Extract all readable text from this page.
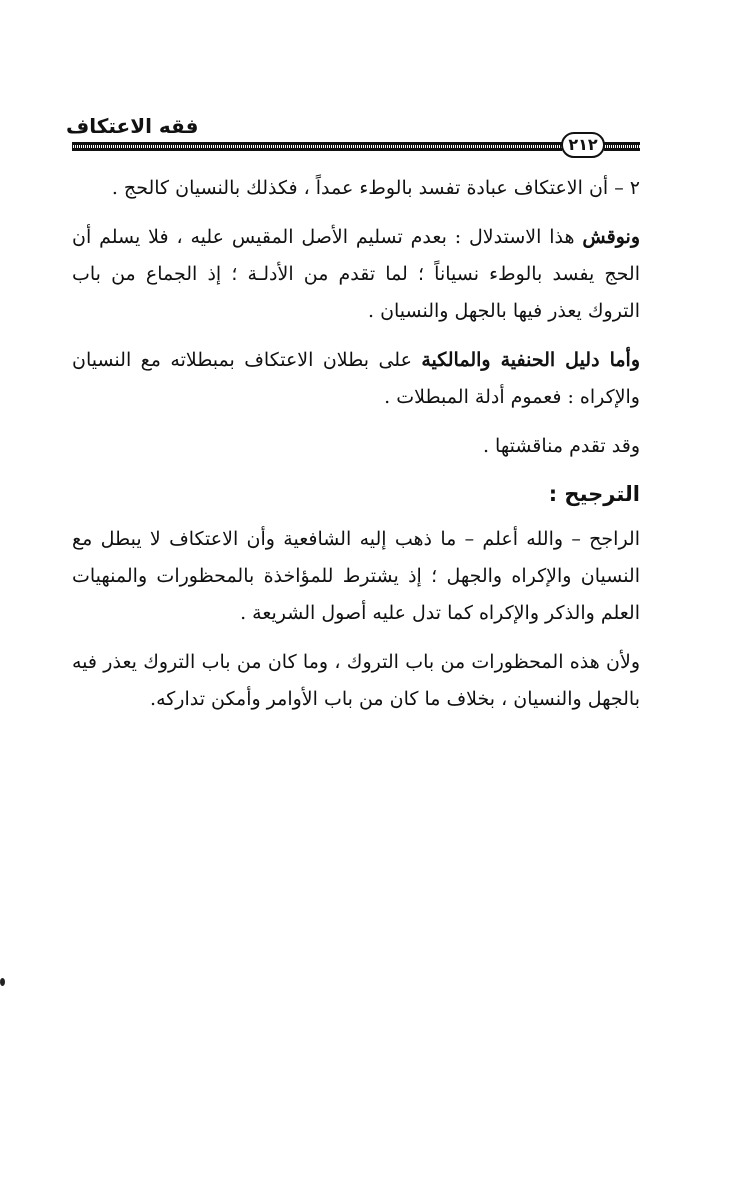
فقه الاعتكاف
٢١٢

٢ – أن الاعتكاف عبادة تفسد بالوطء عمداً ، فكذلك بالنسيان كالحج .

ونوقش هذا الاستدلال : بعدم تسليم الأصل المقيس عليه ، فلا يسلم أن الحج يفسد بالوطء نسياناً ؛ لما تقدم من الأدلـة ؛ إذ الجماع من باب التروك يعذر فيها بالجهل والنسيان .

وأما دليل الحنفية والمالكية على بطلان الاعتكاف بمبطلاته مع النسيان والإكراه : فعموم أدلة المبطلات .

وقد تقدم مناقشتها .

الترجيح :

الراجح – والله أعلم – ما ذهب إليه الشافعية وأن الاعتكاف لا يبطل مع النسيان والإكراه والجهل ؛ إذ يشترط للمؤاخذة بالمحظورات والمنهيات العلم والذكر والإكراه كما تدل عليه أصول الشريعة .

ولأن هذه المحظورات من باب التروك ، وما كان من باب التروك يعذر فيه بالجهل والنسيان ، بخلاف ما كان من باب الأوامر وأمكن تداركه.
